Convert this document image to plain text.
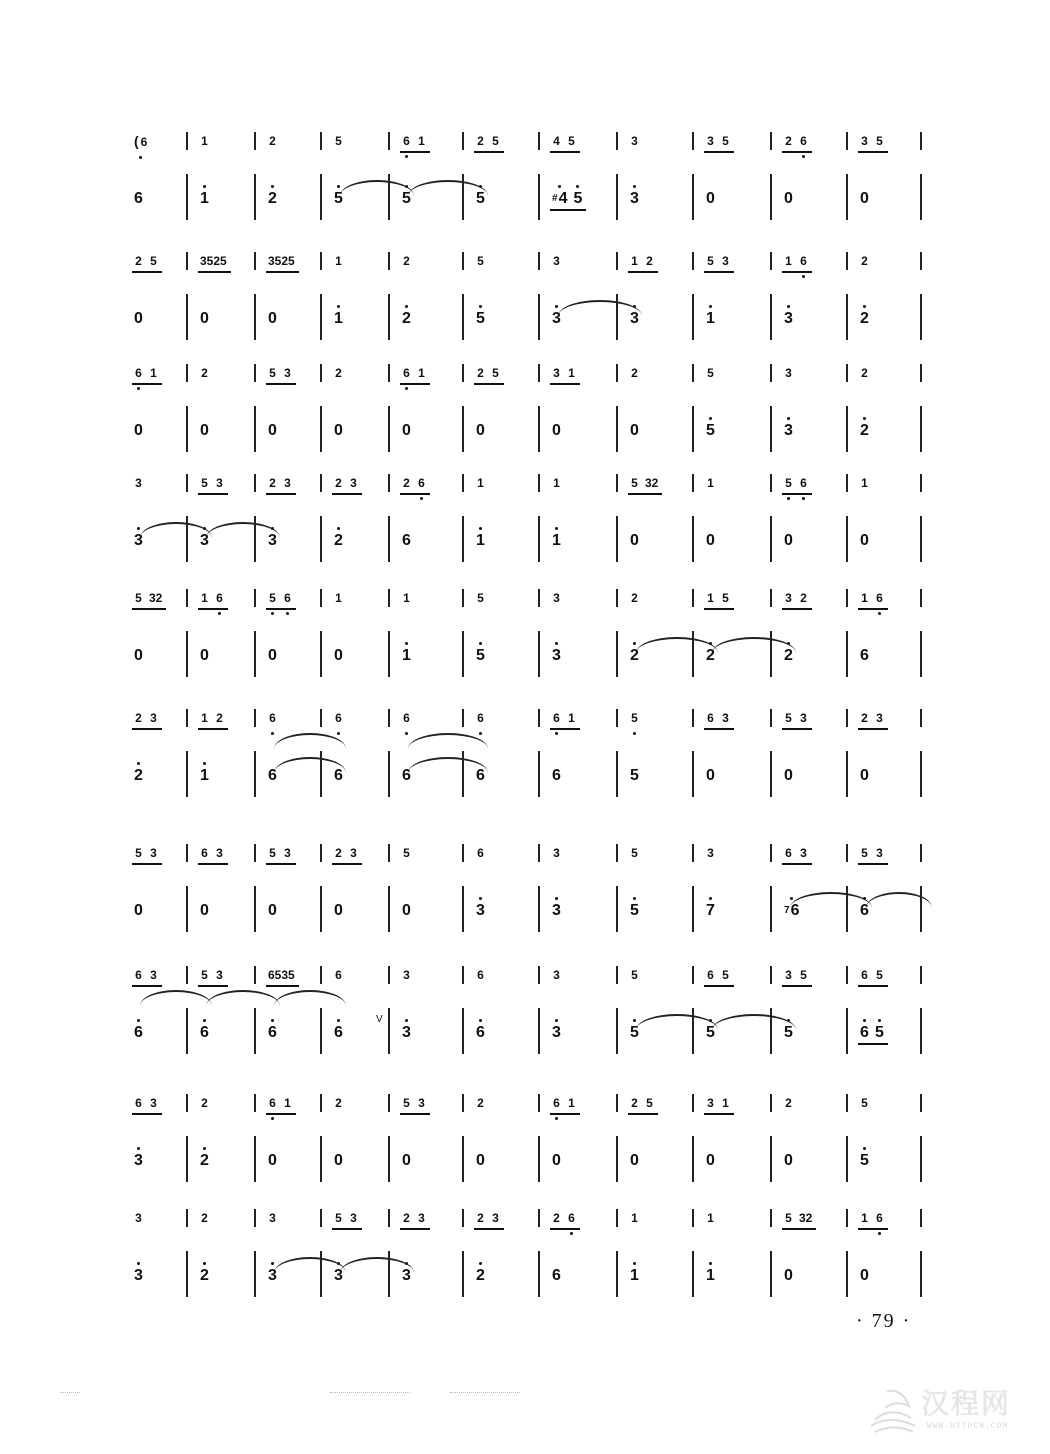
( 6	1	2	5	6 1	2 5	4 5	3	3 5	2 6	3 5
6	1	2	5	5	5	#4 5	3	0	0	0
2 5	3525	3525	1	2	5	3	1 2	5 3	1 6	2
0	0	0	1	2	5	3	3	1	3	2
6 1	2	5 3	2	6 1	2 5	3 1	2	5	3	2
0	0	0	0	0	0	0	0	5	3	2
3	5 3	2 3	2 3	2 6	1	1	5 32	1	5 6	1
3	3	3	2	6	1	1	0	0	0	0
5 32	1 6	5 6	1	1	5	3	2	1 5	3 2	1 6
0	0	0	0	1	5	3	2	2	2	6
2 3	1 2	6	6	6	6	6 1	5	6 3	5 3	2 3
2	1	6	6	6	6	6	5	0	0	0
5 3	6 3	5 3	2 3	5	6	3	5	3	6 3	5 3
0	0	0	0	0	3	3	5	7	$^7$6	6
6 3	5 3	6535	6	3	6	3	5	6 5	3 5	6 5
6	6	6	6	3	6	3	5	5	5	6 5
V
6 3	2	6 1	2	5 3	2	6 1	2 5	3 1	2	5
3	2	0	0	0	0	0	0	0	0	5
3	2	3	5 3	2 3	2 3	2 6	1	1	5 32	1 6
3	2	3	3	3	2	6	1	1	0	0
· 79 ·
汉程网
WWW.HTTPCN.COM
